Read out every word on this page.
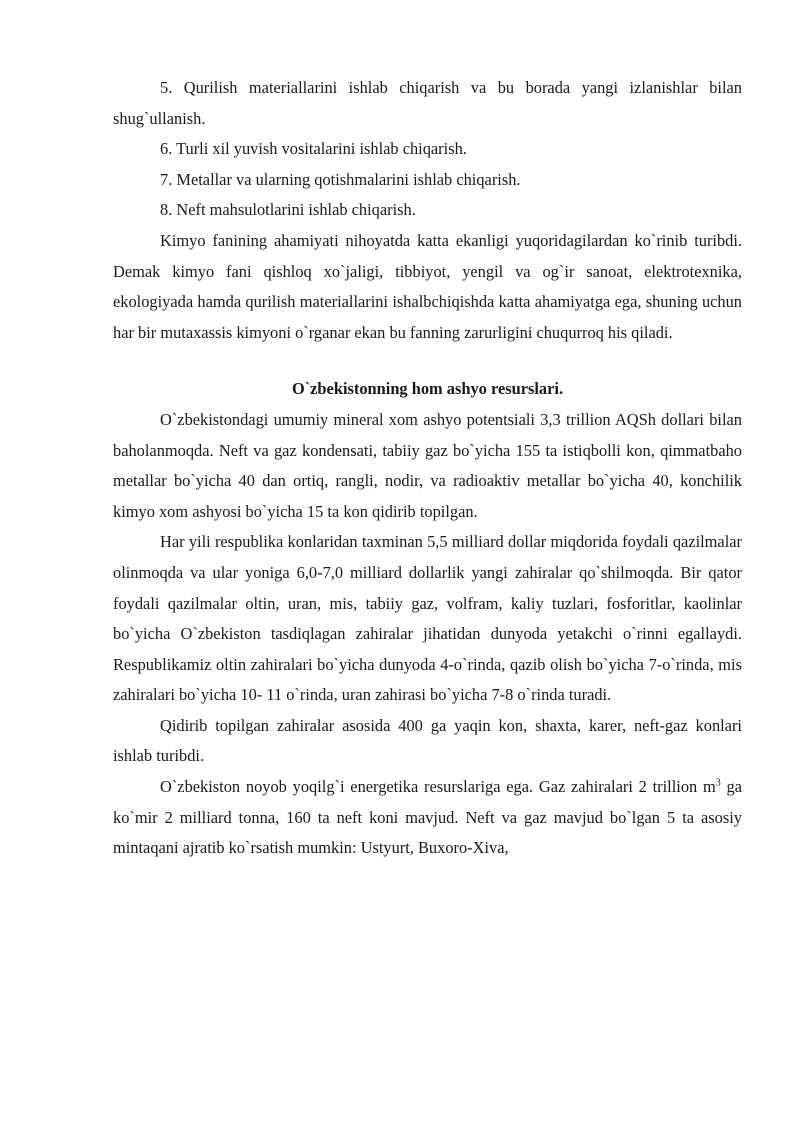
5. Qurilish materiallarini ishlab chiqarish va bu borada yangi izlanishlar bilan shug`ullanish.

6. Turli xil yuvish vositalarini ishlab chiqarish.

7. Metallar va ularning qotishmalarini ishlab chiqarish.

8. Neft mahsulotlarini ishlab chiqarish.

Kimyo fanining ahamiyati nihoyatda katta ekanligi yuqoridagilardan ko`rinib turibdi. Demak kimyo fani qishloq xo`jaligi, tibbiyot, yengil va og`ir sanoat, elektrotexnika, ekologiyada hamda qurilish materiallarini ishalbchiqishda katta ahamiyatga ega, shuning uchun har bir mutaxassis kimyoni o`rganar ekan bu fanning zarurligini chuqurroq his qiladi.

O`zbekistonning hom ashyo resurslari.

O`zbekistondagi umumiy mineral xom ashyo potentsiali 3,3 trillion AQSh dollari bilan baholanmoqda. Neft va gaz kondensati, tabiiy gaz bo`yicha 155 ta istiqbolli kon, qimmatbaho metallar bo`yicha 40 dan ortiq, rangli, nodir, va radioaktiv metallar bo`yicha 40, konchilik kimyo xom ashyosi bo`yicha 15 ta kon qidirib topilgan.

Har yili respublika konlaridan taxminan 5,5 milliard dollar miqdorida foydali qazilmalar olinmoqda va ular yoniga 6,0-7,0 milliard dollarlik yangi zahiralar qo`shilmoqda. Bir qator foydali qazilmalar oltin, uran, mis, tabiiy gaz, volfram, kaliy tuzlari, fosforitlar, kaolinlar bo`yicha O`zbekiston tasdiqlagan zahiralar jihatidan dunyoda yetakchi o`rinni egallaydi. Respublikamiz oltin zahiralari bo`yicha dunyoda 4-o`rinda, qazib olish bo`yicha 7-o`rinda, mis zahiralari bo`yicha 10- 11 o`rinda, uran zahirasi bo`yicha 7-8 o`rinda turadi.

Qidirib topilgan zahiralar asosida 400 ga yaqin kon, shaxta, karer, neft-gaz konlari ishlab turibdi.

O`zbekiston noyob yoqilg`i energetika resurslariga ega. Gaz zahiralari 2 trillion $m^3$ ga ko`mir 2 milliard tonna, 160 ta neft koni mavjud. Neft va gaz mavjud bo`lgan 5 ta asosiy mintaqani ajratib ko`rsatish mumkin: Ustyurt, Buxoro-Xiva,
